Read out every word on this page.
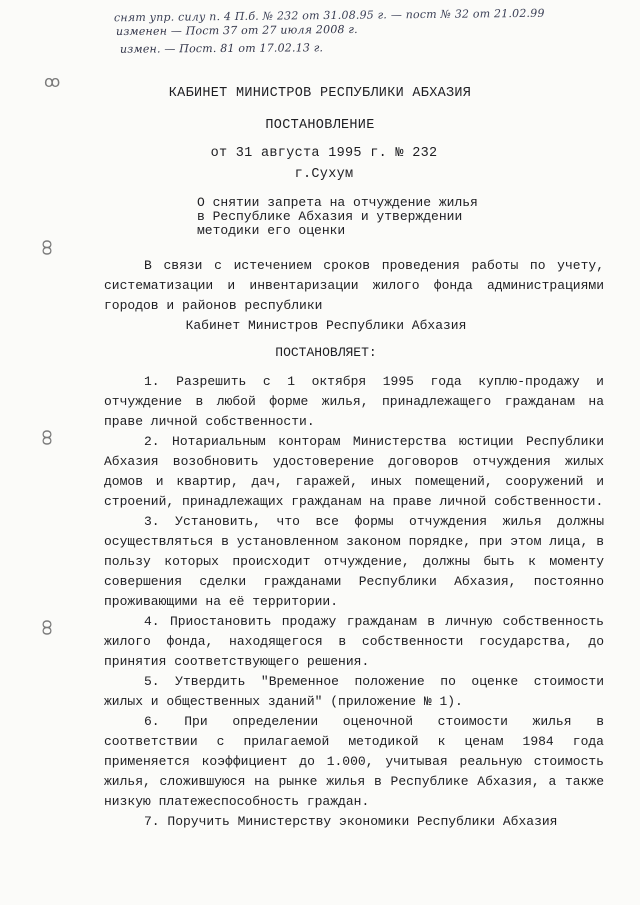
снят упр. силу п. 4 П.б. № 232 от 31.08.95 г. — пост № 32 от 21.02.99
изменен — Пост 37 от 27 июля 2008 г.
измен. — Пост. 81 от 17.02.13 г.
ꝏ
ꝏ
ꝏ
ꝏ
КАБИНЕТ МИНИСТРОВ РЕСПУБЛИКИ АБХАЗИЯ
ПОСТАНОВЛЕНИЕ
от 31 августа 1995 г. № 232
г.Сухум
О снятии запрета на отчуждение жилья
в Республике Абхазия и утверждении
методики его оценки

В связи с истечением сроков проведения работы по учету, систематизации и инвентаризации жилого фонда администрациями городов и районов республики

Кабинет Министров Республики Абхазия
ПОСТАНОВЛЯЕТ:

1. Разрешить с 1 октября 1995 года куплю-продажу и отчуждение в любой форме жилья, принадлежащего гражданам на праве личной собственности.

2. Нотариальным конторам Министерства юстиции Республики Абхазия возобновить удостоверение договоров отчуждения жилых домов и квартир, дач, гаражей, иных помещений, сооружений и строений, принадлежащих гражданам на праве личной собственности.

3. Установить, что все формы отчуждения жилья должны осуществляться в установленном законом порядке, при этом лица, в пользу которых происходит отчуждение, должны быть к моменту совершения сделки гражданами Республики Абхазия, постоянно проживающими на её территории.

4. Приостановить продажу гражданам в личную собственность жилого фонда, находящегося в собственности государства, до принятия соответствующего решения.

5. Утвердить "Временное положение по оценке стоимости жилых и общественных зданий" (приложение № 1).

6. При определении оценочной стоимости жилья в соответствии с прилагаемой методикой к ценам 1984 года применяется коэффициент до 1.000, учитывая реальную стоимость жилья, сложившуюся на рынке жилья в Республике Абхазия, а также низкую платежеспособность граждан.

7. Поручить Министерству экономики Республики Абхазия
